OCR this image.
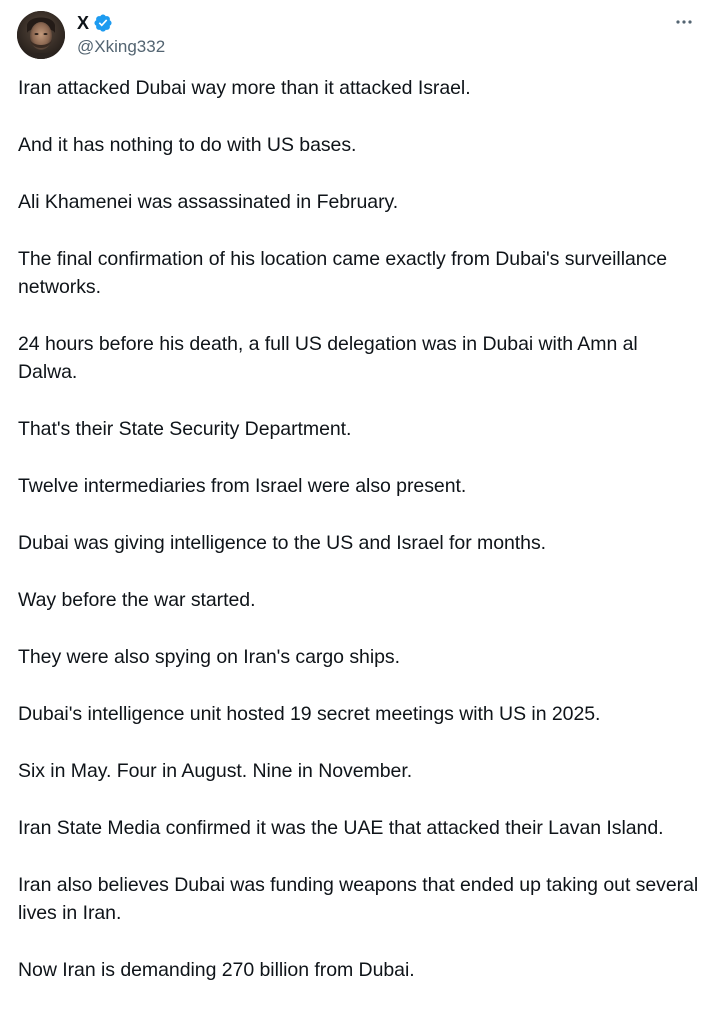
X
@Xking332

Iran attacked Dubai way more than it attacked Israel.

And it has nothing to do with US bases.

Ali Khamenei was assassinated in February.

The final confirmation of his location came exactly from Dubai's surveillance networks.

24 hours before his death, a full US delegation was in Dubai with Amn al Dalwa.

That's their State Security Department.

Twelve intermediaries from Israel were also present.

Dubai was giving intelligence to the US and Israel for months.

Way before the war started.

They were also spying on Iran's cargo ships.

Dubai's intelligence unit hosted 19 secret meetings with US in 2025.

Six in May. Four in August. Nine in November.

Iran State Media confirmed it was the UAE that attacked their Lavan Island.

Iran also believes Dubai was funding weapons that ended up taking out several lives in Iran.

Now Iran is demanding 270 billion from Dubai.
